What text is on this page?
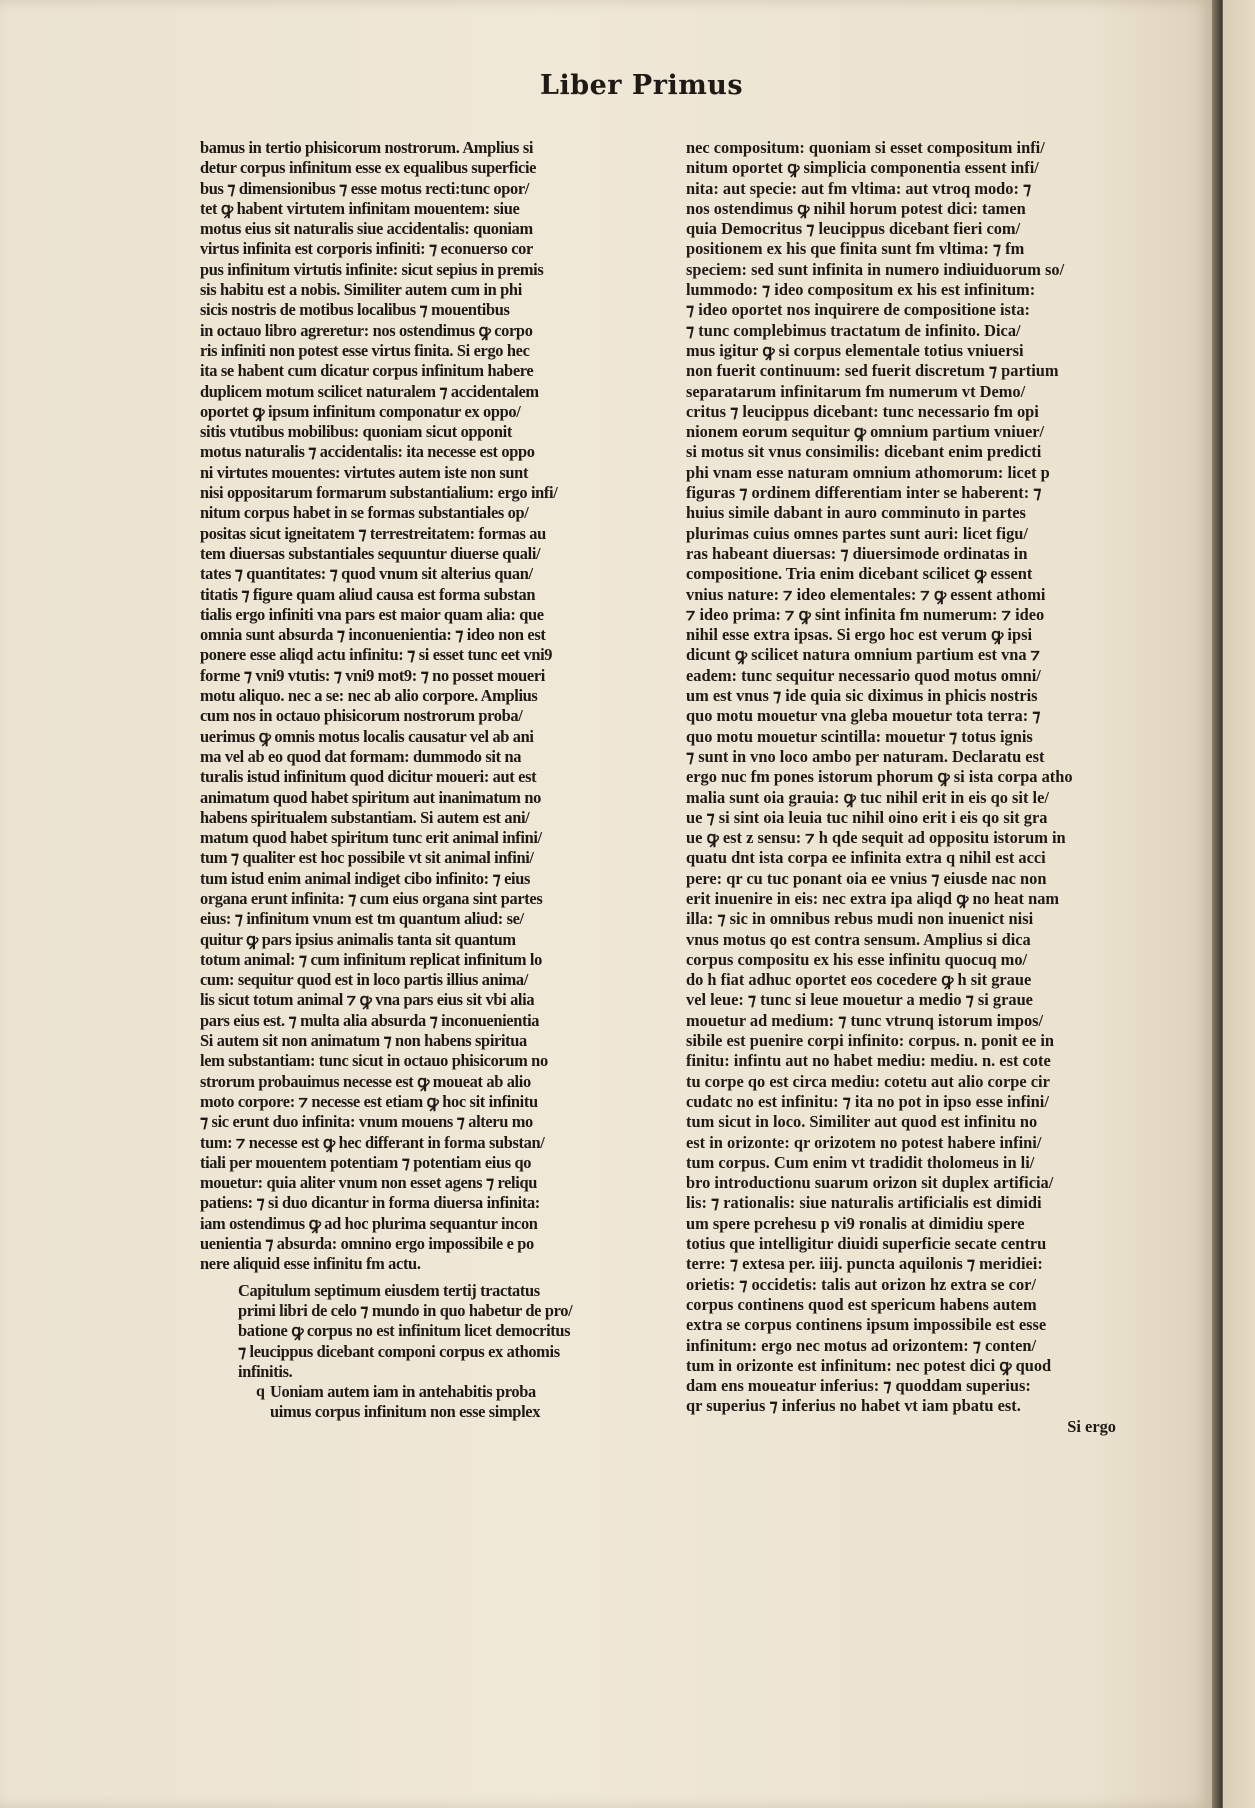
Liber Primus
bamus in tertio phisicorum nostrorum. Amplius si
detur corpus infinitum esse ex equalibus superficie
bus ⁊ dimensionibus ⁊ esse motus recti:tunc opor/
tet ꝙ habent virtutem infinitam mouentem: siue
motus eius sit naturalis siue accidentalis: quoniam
virtus infinita est corporis infiniti: ⁊ econuerso cor
pus infinitum virtutis infinite: sicut sepius in premis
sis habitu est a nobis. Similiter autem cum in phi
sicis nostris de motibus localibus ⁊ mouentibus
in octauo libro agreretur: nos ostendimus ꝙ corpo
ris infiniti non potest esse virtus finita. Si ergo hec
ita se habent cum dicatur corpus infinitum habere
duplicem motum scilicet naturalem ⁊ accidentalem
oportet ꝙ ipsum infinitum componatur ex oppo/
sitis vtutibus mobilibus: quoniam sicut opponit
motus naturalis ⁊ accidentalis: ita necesse est oppo
ni virtutes mouentes: virtutes autem iste non sunt
nisi oppositarum formarum substantialium: ergo infi/
nitum corpus habet in se formas substantiales op/
positas sicut igneitatem ⁊ terrestreitatem: formas au
tem diuersas substantiales sequuntur diuerse quali/
tates ⁊ quantitates: ⁊ quod vnum sit alterius quan/
titatis ⁊ figure quam aliud causa est forma substan
tialis ergo infiniti vna pars est maior quam alia: que
omnia sunt absurda ⁊ inconuenientia: ⁊ ideo non est
ponere esse aliqd actu infinitu: ⁊ si esset tunc eet vni9
forme ⁊ vni9 vtutis: ⁊ vni9 mot9: ⁊ no posset moueri
motu aliquo. nec a se: nec ab alio corpore. Amplius
cum nos in octauo phisicorum nostrorum proba/
uerimus ꝙ omnis motus localis causatur vel ab ani
ma vel ab eo quod dat formam: dummodo sit na
turalis istud infinitum quod dicitur moueri: aut est
animatum quod habet spiritum aut inanimatum no
habens spiritualem substantiam. Si autem est ani/
matum quod habet spiritum tunc erit animal infini/
tum ⁊ qualiter est hoc possibile vt sit animal infini/
tum istud enim animal indiget cibo infinito: ⁊ eius
organa erunt infinita: ⁊ cum eius organa sint partes
eius: ⁊ infinitum vnum est tm quantum aliud: se/
quitur ꝙ pars ipsius animalis tanta sit quantum
totum animal: ⁊ cum infinitum replicat infinitum lo
cum: sequitur quod est in loco partis illius anima/
lis sicut totum animal ⁊ ꝙ vna pars eius sit vbi alia
pars eius est. ⁊ multa alia absurda ⁊ inconuenientia
Si autem sit non animatum ⁊ non habens spiritua
lem substantiam: tunc sicut in octauo phisicorum no
strorum probauimus necesse est ꝙ moueat ab alio
moto corpore: ⁊ necesse est etiam ꝙ hoc sit infinitu
⁊ sic erunt duo infinita: vnum mouens ⁊ alteru mo
tum: ⁊ necesse est ꝙ hec differant in forma substan/
tiali per mouentem potentiam ⁊ potentiam eius qo
mouetur: quia aliter vnum non esset agens ⁊ reliqu
patiens: ⁊ si duo dicantur in forma diuersa infinita:
iam ostendimus ꝙ ad hoc plurima sequantur incon
uenientia ⁊ absurda: omnino ergo impossibile e po
nere aliquid esse infinitu fm actu.
Capitulum septimum eiusdem tertij tractatus
primi libri de celo ⁊ mundo in quo habetur de pro/
batione ꝙ corpus no est infinitum licet democritus
⁊ leucippus dicebant componi corpus ex athomis
infinitis.
q Uoniam autem iam in antehabitis proba
uimus corpus infinitum non esse simplex
nec compositum: quoniam si esset compositum infi/
nitum oportet ꝙ simplicia componentia essent infi/
nita: aut specie: aut fm vltima: aut vtroq modo: ⁊
nos ostendimus ꝙ nihil horum potest dici: tamen
quia Democritus ⁊ leucippus dicebant fieri com/
positionem ex his que finita sunt fm vltima: ⁊ fm
speciem: sed sunt infinita in numero indiuiduorum so/
lummodo: ⁊ ideo compositum ex his est infinitum:
⁊ ideo oportet nos inquirere de compositione ista:
⁊ tunc complebimus tractatum de infinito. Dica/
mus igitur ꝙ si corpus elementale totius vniuersi
non fuerit continuum: sed fuerit discretum ⁊ partium
separatarum infinitarum fm numerum vt Demo/
critus ⁊ leucippus dicebant: tunc necessario fm opi
nionem eorum sequitur ꝙ omnium partium vniuer/
si motus sit vnus consimilis: dicebant enim predicti
phi vnam esse naturam omnium athomorum: licet p
figuras ⁊ ordinem differentiam inter se haberent: ⁊
huius simile dabant in auro comminuto in partes
plurimas cuius omnes partes sunt auri: licet figu/
ras habeant diuersas: ⁊ diuersimode ordinatas in
compositione. Tria enim dicebant scilicet ꝙ essent
vnius nature: ⁊ ideo elementales: ⁊ ꝙ essent athomi
⁊ ideo prima: ⁊ ꝙ sint infinita fm numerum: ⁊ ideo
nihil esse extra ipsas. Si ergo hoc est verum ꝙ ipsi
dicunt ꝙ scilicet natura omnium partium est vna ⁊
eadem: tunc sequitur necessario quod motus omni/
um est vnus ⁊ ide quia sic diximus in phicis nostris
quo motu mouetur vna gleba mouetur tota terra: ⁊
quo motu mouetur scintilla: mouetur ⁊ totus ignis
⁊ sunt in vno loco ambo per naturam. Declaratu est
ergo nuc fm pones istorum phorum ꝙ si ista corpa atho
malia sunt oia grauia: ꝙ tuc nihil erit in eis qo sit le/
ue ⁊ si sint oia leuia tuc nihil oino erit i eis qo sit gra
ue ꝙ est z sensu: ⁊ h qde sequit ad oppositu istorum in
quatu dnt ista corpa ee infinita extra q nihil est acci
pere: qr cu tuc ponant oia ee vnius ⁊ eiusde nac non
erit inuenire in eis: nec extra ipa aliqd ꝙ no heat nam
illa: ⁊ sic in omnibus rebus mudi non inuenict nisi
vnus motus qo est contra sensum. Amplius si dica
corpus compositu ex his esse infinitu quocuq mo/
do h fiat adhuc oportet eos cocedere ꝙ h sit graue
vel leue: ⁊ tunc si leue mouetur a medio ⁊ si graue
mouetur ad medium: ⁊ tunc vtrunq istorum impos/
sibile est puenire corpi infinito: corpus. n. ponit ee in
finitu: infintu aut no habet mediu: mediu. n. est cote
tu corpe qo est circa mediu: cotetu aut alio corpe cir
cudatc no est infinitu: ⁊ ita no pot in ipso esse infini/
tum sicut in loco. Similiter aut quod est infinitu no
est in orizonte: qr orizotem no potest habere infini/
tum corpus. Cum enim vt tradidit tholomeus in li/
bro introductionu suarum orizon sit duplex artificia/
lis: ⁊ rationalis: siue naturalis artificialis est dimidi
um spere pcrehesu p vi9 ronalis at dimidiu spere
totius que intelligitur diuidi superficie secate centru
terre: ⁊ extesa per. iiij. puncta aquilonis ⁊ meridiei:
orietis: ⁊ occidetis: talis aut orizon hz extra se cor/
corpus continens quod est spericum habens autem
extra se corpus continens ipsum impossibile est esse
infinitum: ergo nec motus ad orizontem: ⁊ conten/
tum in orizonte est infinitum: nec potest dici ꝙ quod
dam ens moueatur inferius: ⁊ quoddam superius:
qr superius ⁊ inferius no habet vt iam pbatu est.
Si ergo
